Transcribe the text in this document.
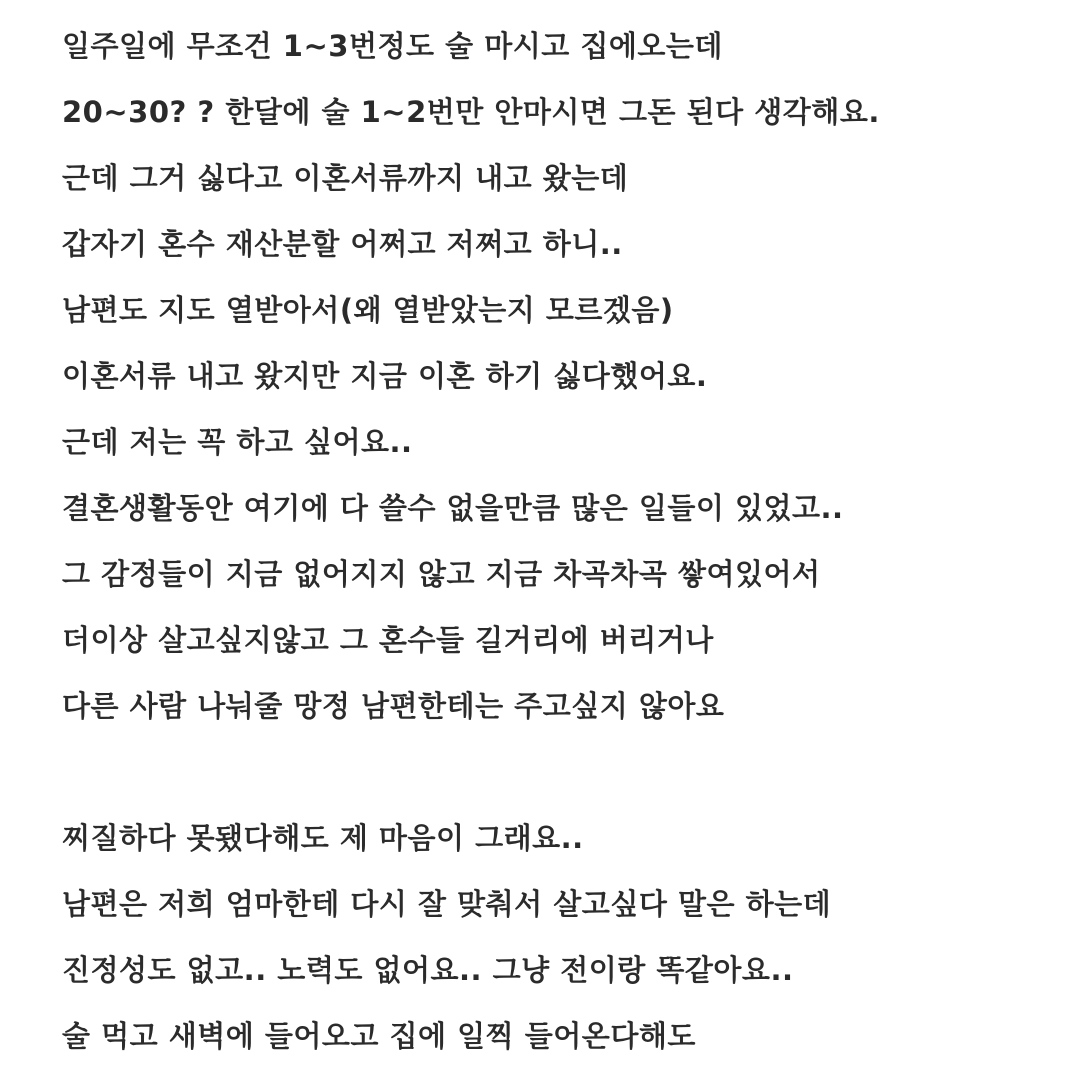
일주일에 무조건 1~3번정도 술 마시고 집에오는데
20~30? ? 한달에 술 1~2번만 안마시면 그돈 된다 생각해요.
근데 그거 싫다고 이혼서류까지 내고 왔는데
갑자기 혼수 재산분할 어쩌고 저쩌고 하니..
남편도 지도 열받아서(왜 열받았는지 모르겠음)
이혼서류 내고 왔지만 지금 이혼 하기 싫다했어요.
근데 저는 꼭 하고 싶어요..
결혼생활동안 여기에 다 쓸수 없을만큼 많은 일들이 있었고..
그 감정들이 지금 없어지지 않고 지금 차곡차곡 쌓여있어서
더이상 살고싶지않고 그 혼수들 길거리에 버리거나
다른 사람 나눠줄 망정 남편한테는 주고싶지 않아요
찌질하다 못됐다해도 제 마음이 그래요..
남편은 저희 엄마한테 다시 잘 맞춰서 살고싶다 말은 하는데
진정성도 없고.. 노력도 없어요.. 그냥 전이랑 똑같아요..
술 먹고 새벽에 들어오고 집에 일찍 들어온다해도
